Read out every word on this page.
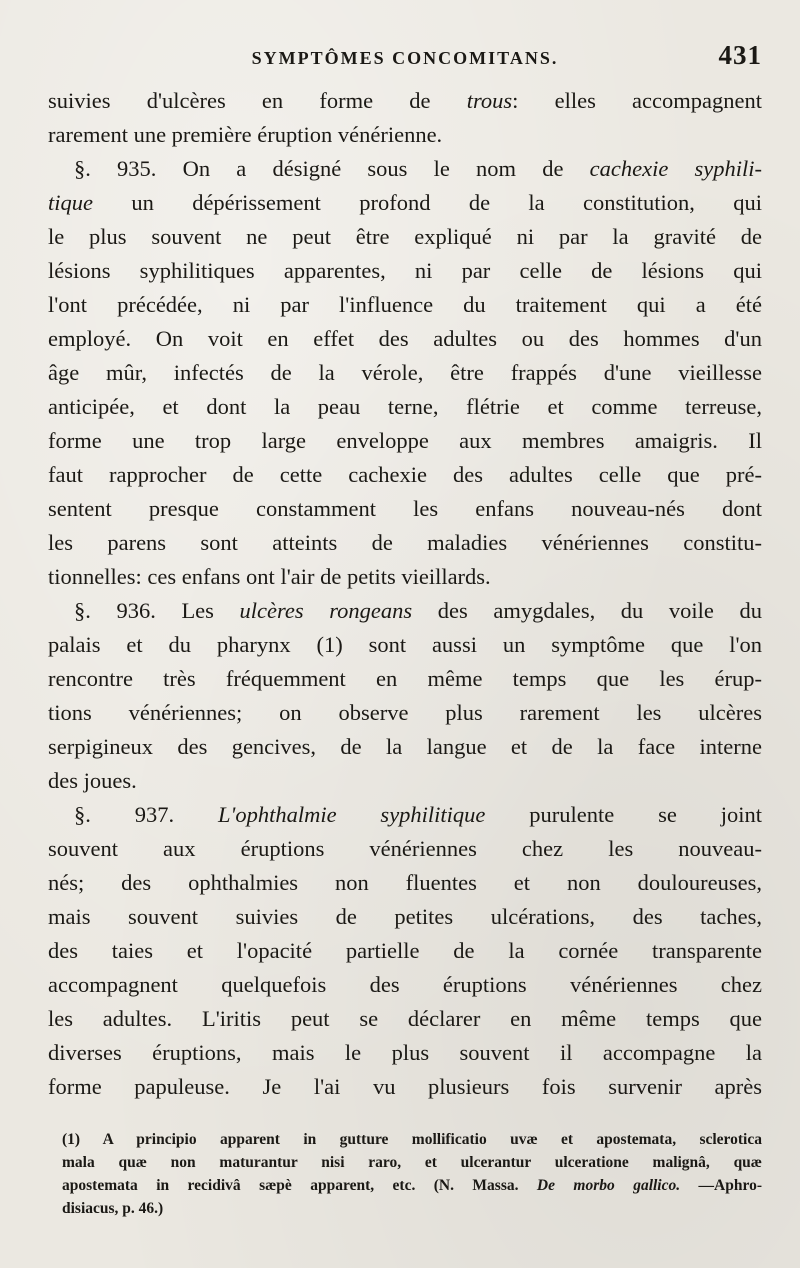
SYMPTÔMES CONCOMITANS.	431
suivies d'ulcères en forme de trous: elles accompagnent
rarement une première éruption vénérienne.
§. 935. On a désigné sous le nom de cachexie syphili-
tique un dépérissement profond de la constitution, qui
le plus souvent ne peut être expliqué ni par la gravité de
lésions syphilitiques apparentes, ni par celle de lésions qui
l'ont précédée, ni par l'influence du traitement qui a été
employé. On voit en effet des adultes ou des hommes d'un
âge mûr, infectés de la vérole, être frappés d'une vieillesse
anticipée, et dont la peau terne, flétrie et comme terreuse,
forme une trop large enveloppe aux membres amaigris. Il
faut rapprocher de cette cachexie des adultes celle que pré-
sentent presque constamment les enfans nouveau-nés dont
les parens sont atteints de maladies vénériennes constitu-
tionnelles: ces enfans ont l'air de petits vieillards.
§. 936. Les ulcères rongeans des amygdales, du voile du
palais et du pharynx (1) sont aussi un symptôme que l'on
rencontre très fréquemment en même temps que les érup-
tions vénériennes; on observe plus rarement les ulcères
serpigineux des gencives, de la langue et de la face interne
des joues.
§. 937. L'ophthalmie syphilitique purulente se joint
souvent aux éruptions vénériennes chez les nouveau-
nés; des ophthalmies non fluentes et non douloureuses,
mais souvent suivies de petites ulcérations, des taches,
des taies et l'opacité partielle de la cornée transparente
accompagnent quelquefois des éruptions vénériennes chez
les adultes. L'iritis peut se déclarer en même temps que
diverses éruptions, mais le plus souvent il accompagne la
forme papuleuse. Je l'ai vu plusieurs fois survenir après
(1) A principio apparent in gutture mollificatio uvæ et apostemata, sclerotica
mala quæ non maturantur nisi raro, et ulcerantur ulceratione malignâ, quæ
apostemata in recidivâ sæpè apparent, etc. (N. Massa. De morbo gallico. —Aphro-
disiacus, p. 46.)
